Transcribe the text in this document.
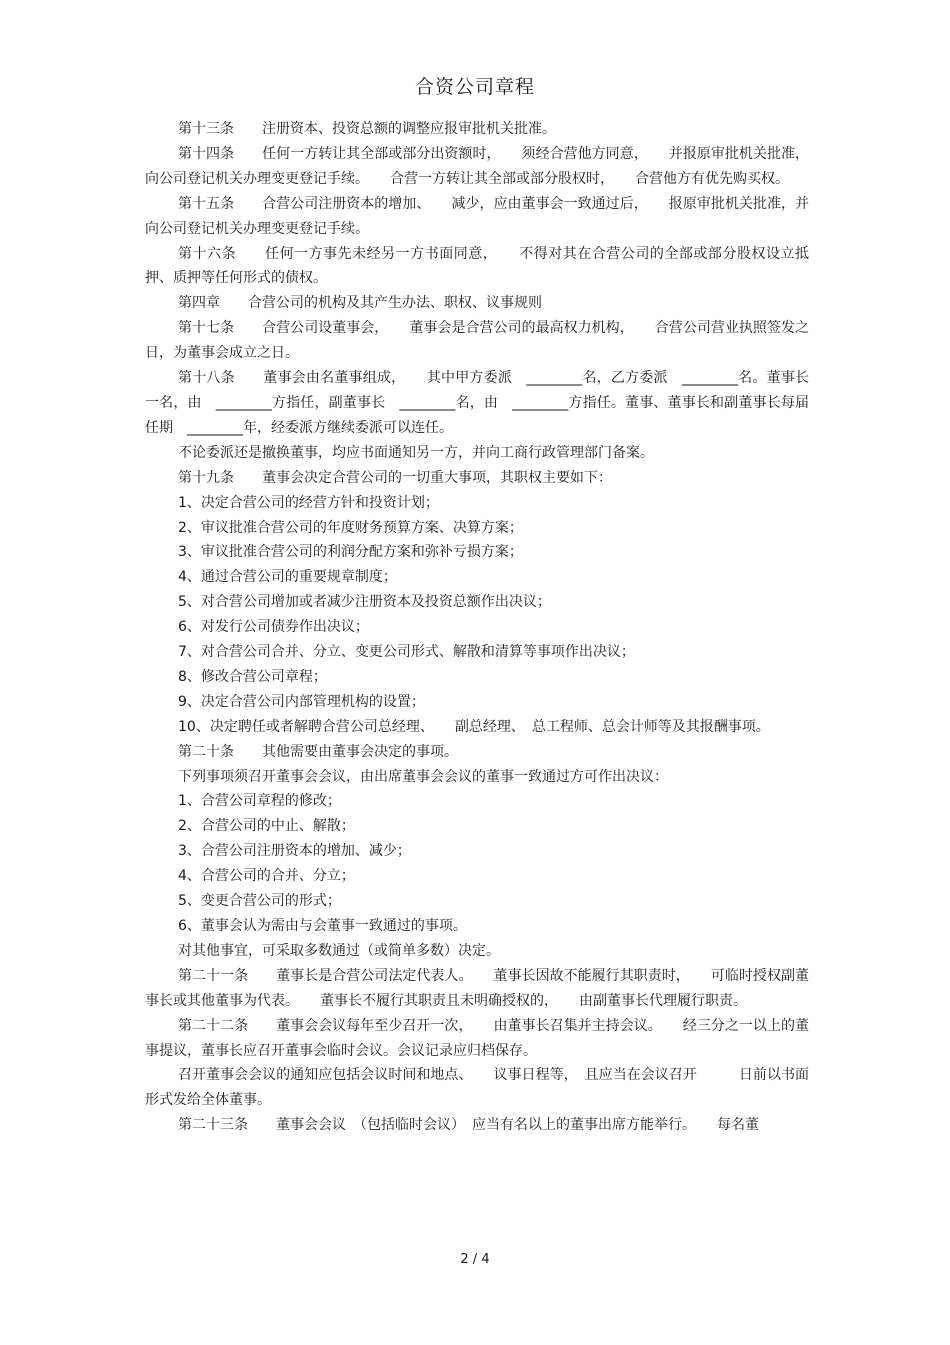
合资公司章程

第十三条　　注册资本、投资总额的调整应报审批机关批准。

第十四条　　任何一方转让其全部或部分出资额时，　　须经合营他方同意，　　并报原审批机关批准，向公司登记机关办理变更登记手续。　　合营一方转让其全部或部分股权时，　　合营他方有优先购买权。

第十五条　　合营公司注册资本的增加、　　减少，应由董事会一致通过后，　　报原审批机关批准，并向公司登记机关办理变更登记手续。

第十六条　　任何一方事先未经另一方书面同意，　　不得对其在合营公司的全部或部分股权设立抵押、质押等任何形式的债权。

第四章　　合营公司的机构及其产生办法、职权、议事规则

第十七条　　合营公司设董事会，　　董事会是合营公司的最高权力机构，　　合营公司营业执照签发之日，为董事会成立之日。

第十八条　　董事会由名董事组成，　　其中甲方委派　________名，乙方委派　________名。董事长一名，由　________方指任，副董事长　________名，由　________方指任。董事、董事长和副董事长每届任期　________年，经委派方继续委派可以连任。

不论委派还是撤换董事，均应书面通知另一方，并向工商行政管理部门备案。

第十九条　　董事会决定合营公司的一切重大事项，其职权主要如下：

1、决定合营公司的经营方针和投资计划；

2、审议批准合营公司的年度财务预算方案、决算方案；

3、审议批准合营公司的利润分配方案和弥补亏损方案；

4、通过合营公司的重要规章制度；

5、对合营公司增加或者减少注册资本及投资总额作出决议；

6、对发行公司债券作出决议；

7、对合营公司合并、分立、变更公司形式、解散和清算等事项作出决议；

8、修改合营公司章程；

9、决定合营公司内部管理机构的设置；

10、决定聘任或者解聘合营公司总经理、　　副总经理、　总工程师、总会计师等及其报酬事项。

第二十条　　其他需要由董事会决定的事项。

下列事项须召开董事会会议，由出席董事会会议的董事一致通过方可作出决议：

1、合营公司章程的修改；

2、合营公司的中止、解散；

3、合营公司注册资本的增加、减少；

4、合营公司的合并、分立；

5、变更合营公司的形式；

6、董事会认为需由与会董事一致通过的事项。

对其他事宜，可采取多数通过（或简单多数）决定。

第二十一条　　董事长是合营公司法定代表人。　　董事长因故不能履行其职责时，　　可临时授权副董事长或其他董事为代表。　　董事长不履行其职责且未明确授权的，　　由副董事长代理履行职责。

第二十二条　　董事会会议每年至少召开一次，　　由董事长召集并主持会议。　　经三分之一以上的董事提议，董事长应召开董事会临时会议。会议记录应归档保存。

召开董事会会议的通知应包括会议时间和地点、　　议事日程等，　且应当在会议召开　　　日前以书面形式发给全体董事。

第二十三条　　董事会会议　（包括临时会议）　应当有名以上的董事出席方能举行。　　每名董

2 / 4
